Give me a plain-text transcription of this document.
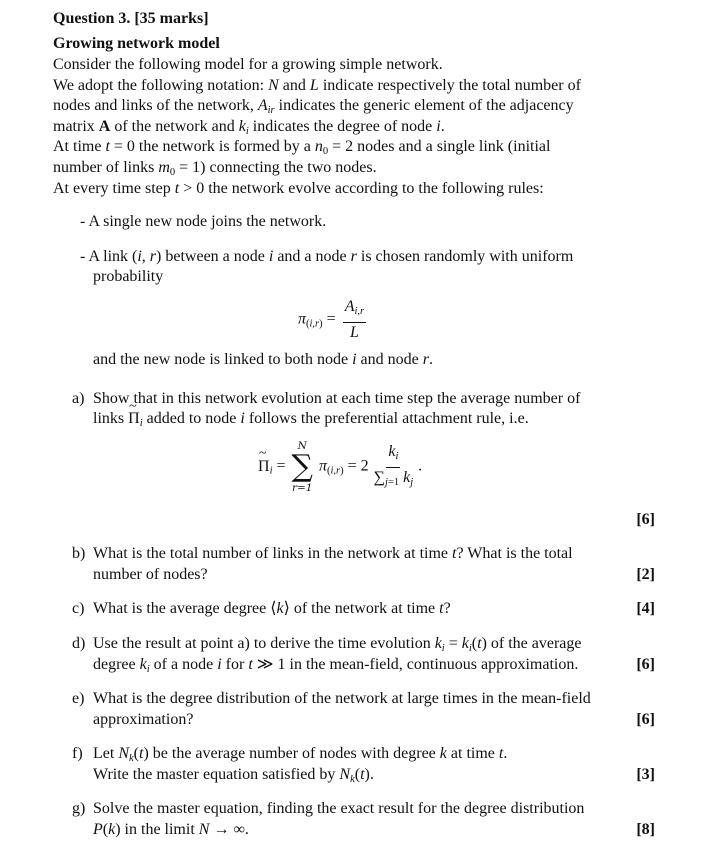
Question 3. [35 marks]
Growing network model
Consider the following model for a growing simple network.
We adopt the following notation: N and L indicate respectively the total number of
nodes and links of the network, $A_{ir}$ indicates the generic element of the adjacency
matrix A of the network and $k_i$ indicates the degree of node i.
At time t = 0 the network is formed by a $n_0 = 2$ nodes and a single link (initial
number of links $m_0 = 1$) connecting the two nodes.
At every time step t > 0 the network evolve according to the following rules:
- A single new node joins the network.
- A link (i, r) between a node i and a node r is chosen randomly with uniform
probability
$\pi_{(i,r)} = \frac{A_{i,r}}{L}$
and the new node is linked to both node i and node r.
a) Show that in this network evolution at each time step the average number of
links ~ $\Pi_i$ added to node i follows the preferential attachment rule, i.e.
~ $\Pi_i$ =
N
∑
r=1
$\pi_{(i,r)} = 2 \frac{k_i}{\sum_{j=1} k_j}$ .
[6]
b) What is the total number of links in the network at time t? What is the total
number of nodes?	[2]
c) What is the average degree ⟨k⟩ of the network at time t?	[4]
d) Use the result at point a) to derive the time evolution $k_i = k_i(t)$ of the average
degree $k_i$ of a node i for t ≫ 1 in the mean-field, continuous approximation.	[6]
e) What is the degree distribution of the network at large times in the mean-field
approximation?	[6]
f) Let $N_k(t)$ be the average number of nodes with degree k at time t.
Write the master equation satisfied by $N_k(t)$.	[3]
g) Solve the master equation, finding the exact result for the degree distribution
P(k) in the limit N → ∞.	[8]
